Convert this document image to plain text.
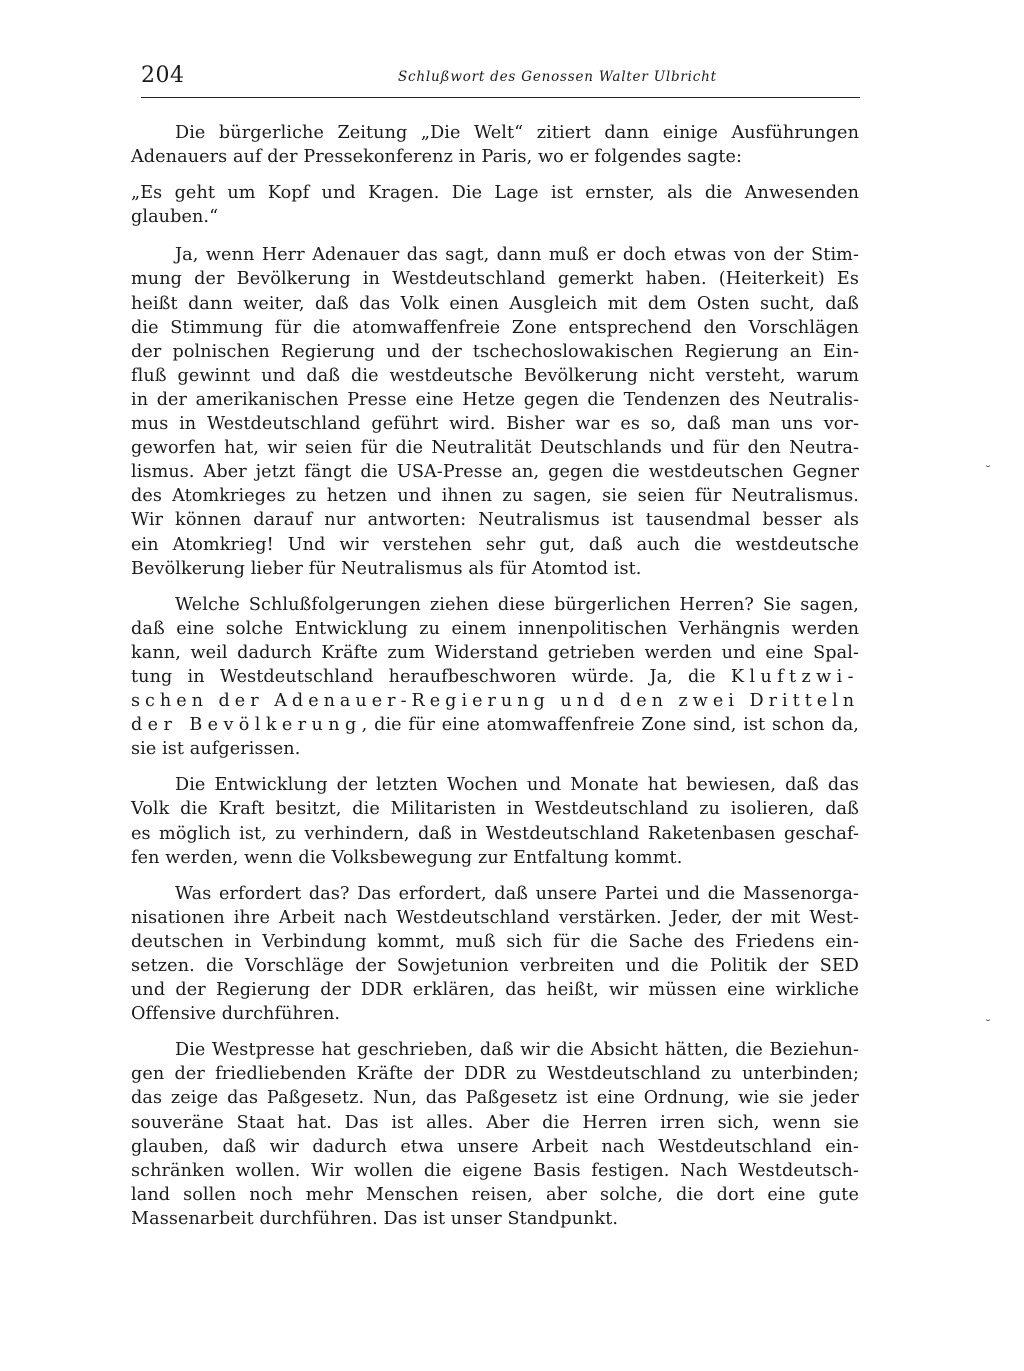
204	Schlußwort des Genossen Walter Ulbricht
Die bürgerliche Zeitung „Die Welt“ zitiert dann einige Ausführungen
Adenauers auf der Pressekonferenz in Paris, wo er folgendes sagte:
„Es geht um Kopf und Kragen. Die Lage ist ernster, als die Anwesenden
glauben.“
Ja, wenn Herr Adenauer das sagt, dann muß er doch etwas von der Stim-
mung der Bevölkerung in Westdeutschland gemerkt haben. (Heiterkeit) Es
heißt dann weiter, daß das Volk einen Ausgleich mit dem Osten sucht, daß
die Stimmung für die atomwaffenfreie Zone entsprechend den Vorschlägen
der polnischen Regierung und der tschechoslowakischen Regierung an Ein-
fluß gewinnt und daß die westdeutsche Bevölkerung nicht versteht, warum
in der amerikanischen Presse eine Hetze gegen die Tendenzen des Neutralis-
mus in Westdeutschland geführt wird. Bisher war es so, daß man uns vor-
geworfen hat, wir seien für die Neutralität Deutschlands und für den Neutra-
lismus. Aber jetzt fängt die USA-Presse an, gegen die westdeutschen Gegner
des Atomkrieges zu hetzen und ihnen zu sagen, sie seien für Neutralismus.
Wir können darauf nur antworten: Neutralismus ist tausendmal besser als
ein Atomkrieg! Und wir verstehen sehr gut, daß auch die westdeutsche
Bevölkerung lieber für Neutralismus als für Atomtod ist.
Welche Schlußfolgerungen ziehen diese bürgerlichen Herren? Sie sagen,
daß eine solche Entwicklung zu einem innenpolitischen Verhängnis werden
kann, weil dadurch Kräfte zum Widerstand getrieben werden und eine Spal-
tung in Westdeutschland heraufbeschworen würde. Ja, die Kluftzwi-
schen der Adenauer-Regierung und den zwei Dritteln
der Bevölkerung, die für eine atomwaffenfreie Zone sind, ist schon da,
sie ist aufgerissen.
Die Entwicklung der letzten Wochen und Monate hat bewiesen, daß das
Volk die Kraft besitzt, die Militaristen in Westdeutschland zu isolieren, daß
es möglich ist, zu verhindern, daß in Westdeutschland Raketenbasen geschaf-
fen werden, wenn die Volksbewegung zur Entfaltung kommt.
Was erfordert das? Das erfordert, daß unsere Partei und die Massenorga-
nisationen ihre Arbeit nach Westdeutschland verstärken. Jeder, der mit West-
deutschen in Verbindung kommt, muß sich für die Sache des Friedens ein-
setzen. die Vorschläge der Sowjetunion verbreiten und die Politik der SED
und der Regierung der DDR erklären, das heißt, wir müssen eine wirkliche
Offensive durchführen.
Die Westpresse hat geschrieben, daß wir die Absicht hätten, die Beziehun-
gen der friedliebenden Kräfte der DDR zu Westdeutschland zu unterbinden;
das zeige das Paßgesetz. Nun, das Paßgesetz ist eine Ordnung, wie sie jeder
souveräne Staat hat. Das ist alles. Aber die Herren irren sich, wenn sie
glauben, daß wir dadurch etwa unsere Arbeit nach Westdeutschland ein-
schränken wollen. Wir wollen die eigene Basis festigen. Nach Westdeutsch-
land sollen noch mehr Menschen reisen, aber solche, die dort eine gute
Massenarbeit durchführen. Das ist unser Standpunkt.
˘
˘
